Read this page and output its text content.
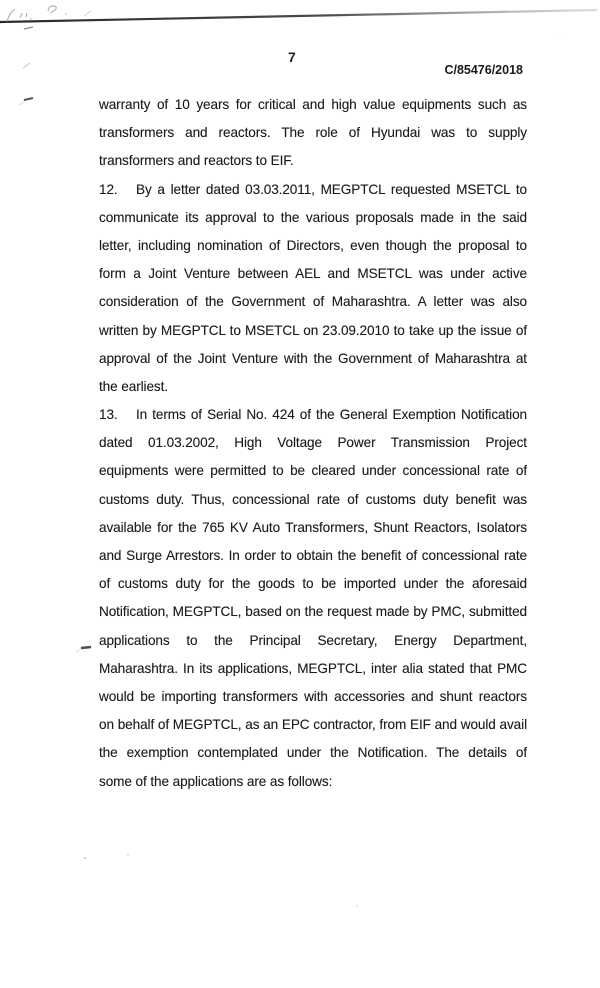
7
C/85476/2018
warranty of 10 years for critical and high value equipments such as
transformers and reactors. The role of Hyundai was to supply
transformers and reactors to EIF.
12. By a letter dated 03.03.2011, MEGPTCL requested MSETCL to
communicate its approval to the various proposals made in the said
letter, including nomination of Directors, even though the proposal to
form a Joint Venture between AEL and MSETCL was under active
consideration of the Government of Maharashtra. A letter was also
written by MEGPTCL to MSETCL on 23.09.2010 to take up the issue of
approval of the Joint Venture with the Government of Maharashtra at
the earliest.
13. In terms of Serial No. 424 of the General Exemption Notification
dated 01.03.2002, High Voltage Power Transmission Project
equipments were permitted to be cleared under concessional rate of
customs duty. Thus, concessional rate of customs duty benefit was
available for the 765 KV Auto Transformers, Shunt Reactors, Isolators
and Surge Arrestors. In order to obtain the benefit of concessional rate
of customs duty for the goods to be imported under the aforesaid
Notification, MEGPTCL, based on the request made by PMC, submitted
applications to the Principal Secretary, Energy Department,
Maharashtra. In its applications, MEGPTCL, inter alia stated that PMC
would be importing transformers with accessories and shunt reactors
on behalf of MEGPTCL, as an EPC contractor, from EIF and would avail
the exemption contemplated under the Notification. The details of
some of the applications are as follows:
